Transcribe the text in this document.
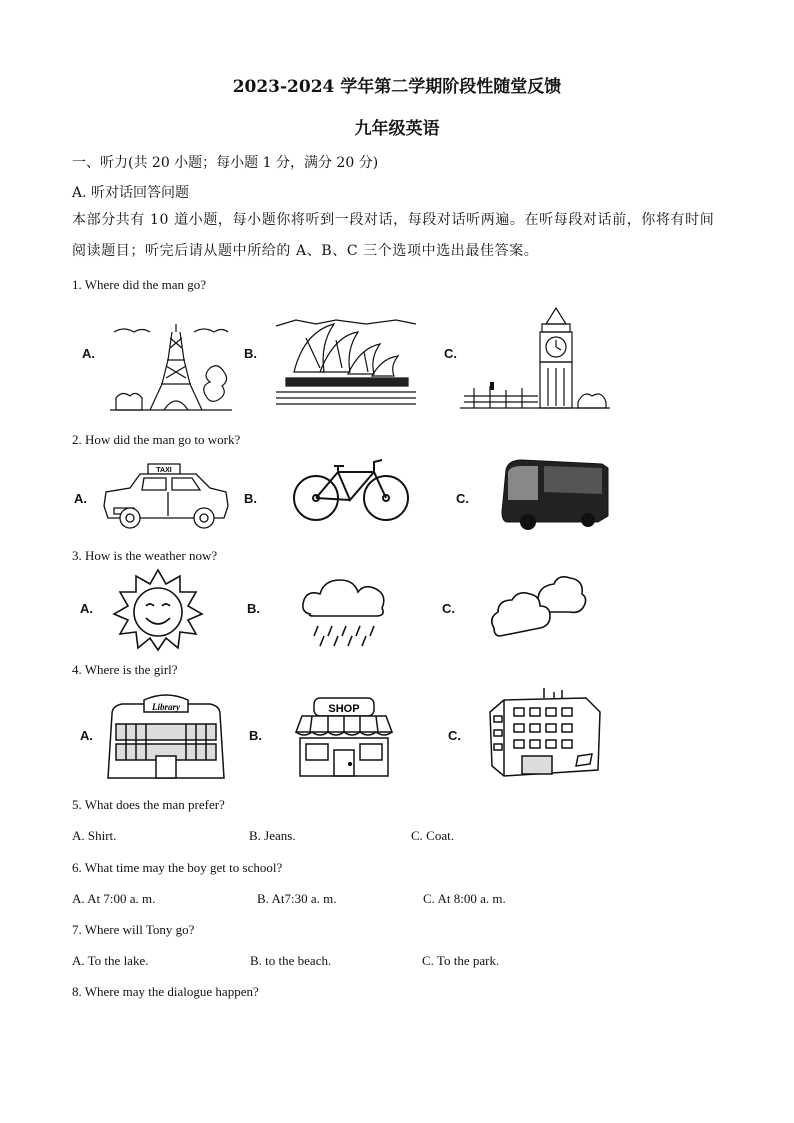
2023-2024 学年第二学期阶段性随堂反馈
九年级英语
一、听力(共 20 小题；每小题 1 分，满分 20 分)
A. 听对话回答问题
本部分共有 10 道小题，每小题你将听到一段对话，每段对话听两遍。在听每段对话前，你将有时间阅读题目；听完后请从题中所给的 A、B、C 三个选项中选出最佳答案。
1. Where did the man go?
A.	B.	C.
2. How did the man go to work?
A.	B.	C.
TAXI
3. How is the weather now?
A.	B.	C.
4. Where is the girl?
A.	B.	C.
Library	SHOP
5. What does the man prefer?
A. Shirt.	B. Jeans.	C. Coat.
6. What time may the boy get to school?
A. At 7:00 a. m.	B. At7:30 a. m.	C. At 8:00 a. m.
7. Where will Tony go?
A. To the lake.	B. to the beach.	C. To the park.
8. Where may the dialogue happen?
